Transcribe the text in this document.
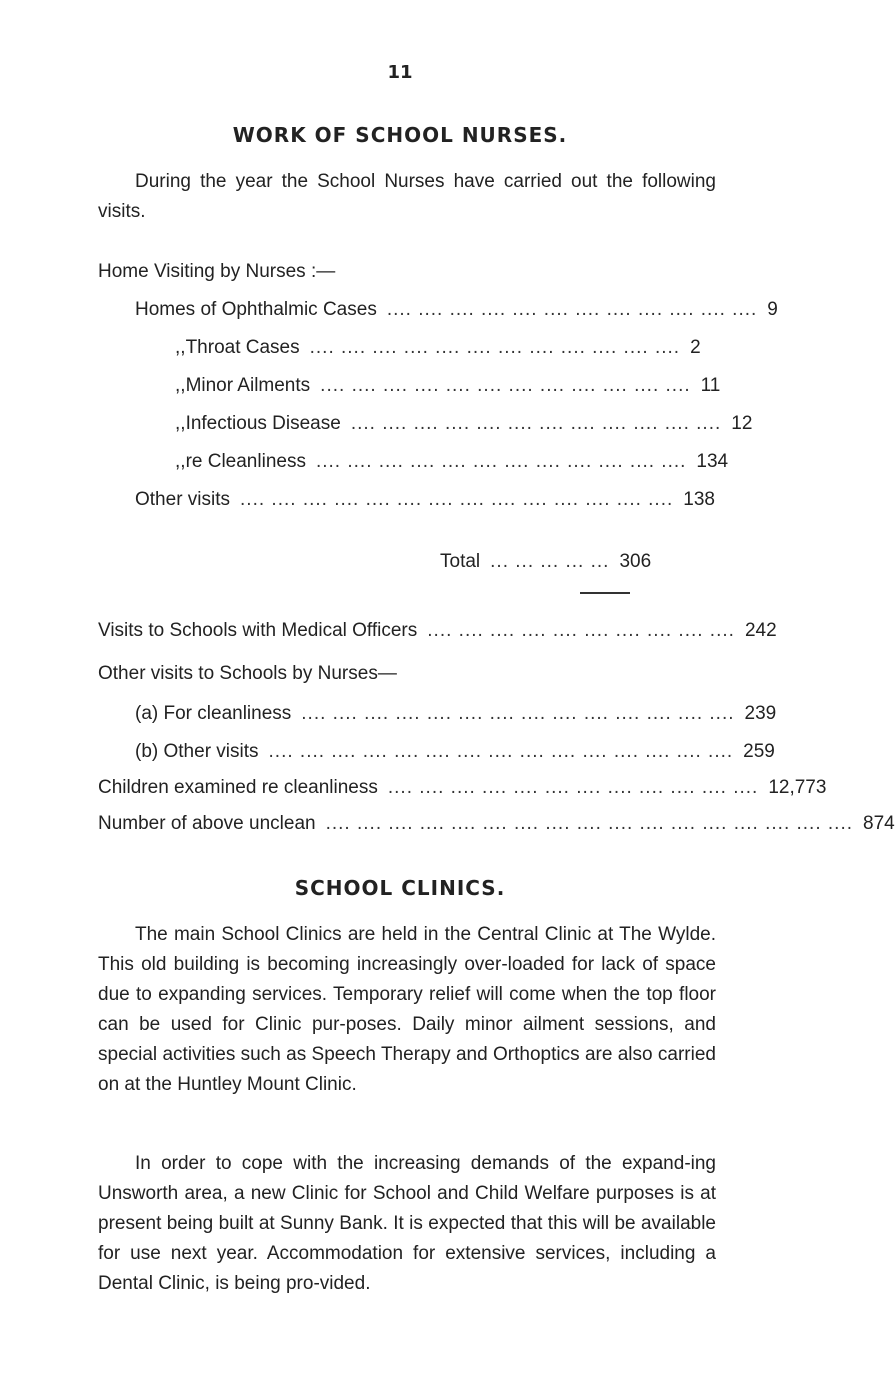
11
WORK OF SCHOOL NURSES.

During the year the School Nurses have carried out the following visits.

Home Visiting by Nurses :—
Homes of Ophthalmic Cases .... .... .... .... .... .... .... .... .... .... .... .... 9
,, Throat Cases .... .... .... .... .... .... .... .... .... .... .... .... 2
,, Minor Ailments .... .... .... .... .... .... .... .... .... .... .... .... 11
,, Infectious Disease .... .... .... .... .... .... .... .... .... .... .... .... 12
,, re Cleanliness .... .... .... .... .... .... .... .... .... .... .... .... 134
Other visits .... .... .... .... .... .... .... .... .... .... .... .... .... .... 138
Total ... ... ... ... ... 306
Visits to Schools with Medical Officers .... .... .... .... .... .... .... .... .... .... 242
Other visits to Schools by Nurses—
(a) For cleanliness .... .... .... .... .... .... .... .... .... .... .... .... .... .... 239
(b) Other visits .... .... .... .... .... .... .... .... .... .... .... .... .... .... .... 259
Children examined re cleanliness .... .... .... .... .... .... .... .... .... .... .... .... 12,773
Number of above unclean .... .... .... .... .... .... .... .... .... .... .... .... .... .... .... .... .... 874
SCHOOL CLINICS.

The main School Clinics are held in the Central Clinic at The Wylde. This old building is becoming increasingly over-loaded for lack of space due to expanding services. Temporary relief will come when the top floor can be used for Clinic pur-poses. Daily minor ailment sessions, and special activities such as Speech Therapy and Orthoptics are also carried on at the Huntley Mount Clinic.

In order to cope with the increasing demands of the expand-ing Unsworth area, a new Clinic for School and Child Welfare purposes is at present being built at Sunny Bank. It is expected that this will be available for use next year. Accommodation for extensive services, including a Dental Clinic, is being pro-vided.
